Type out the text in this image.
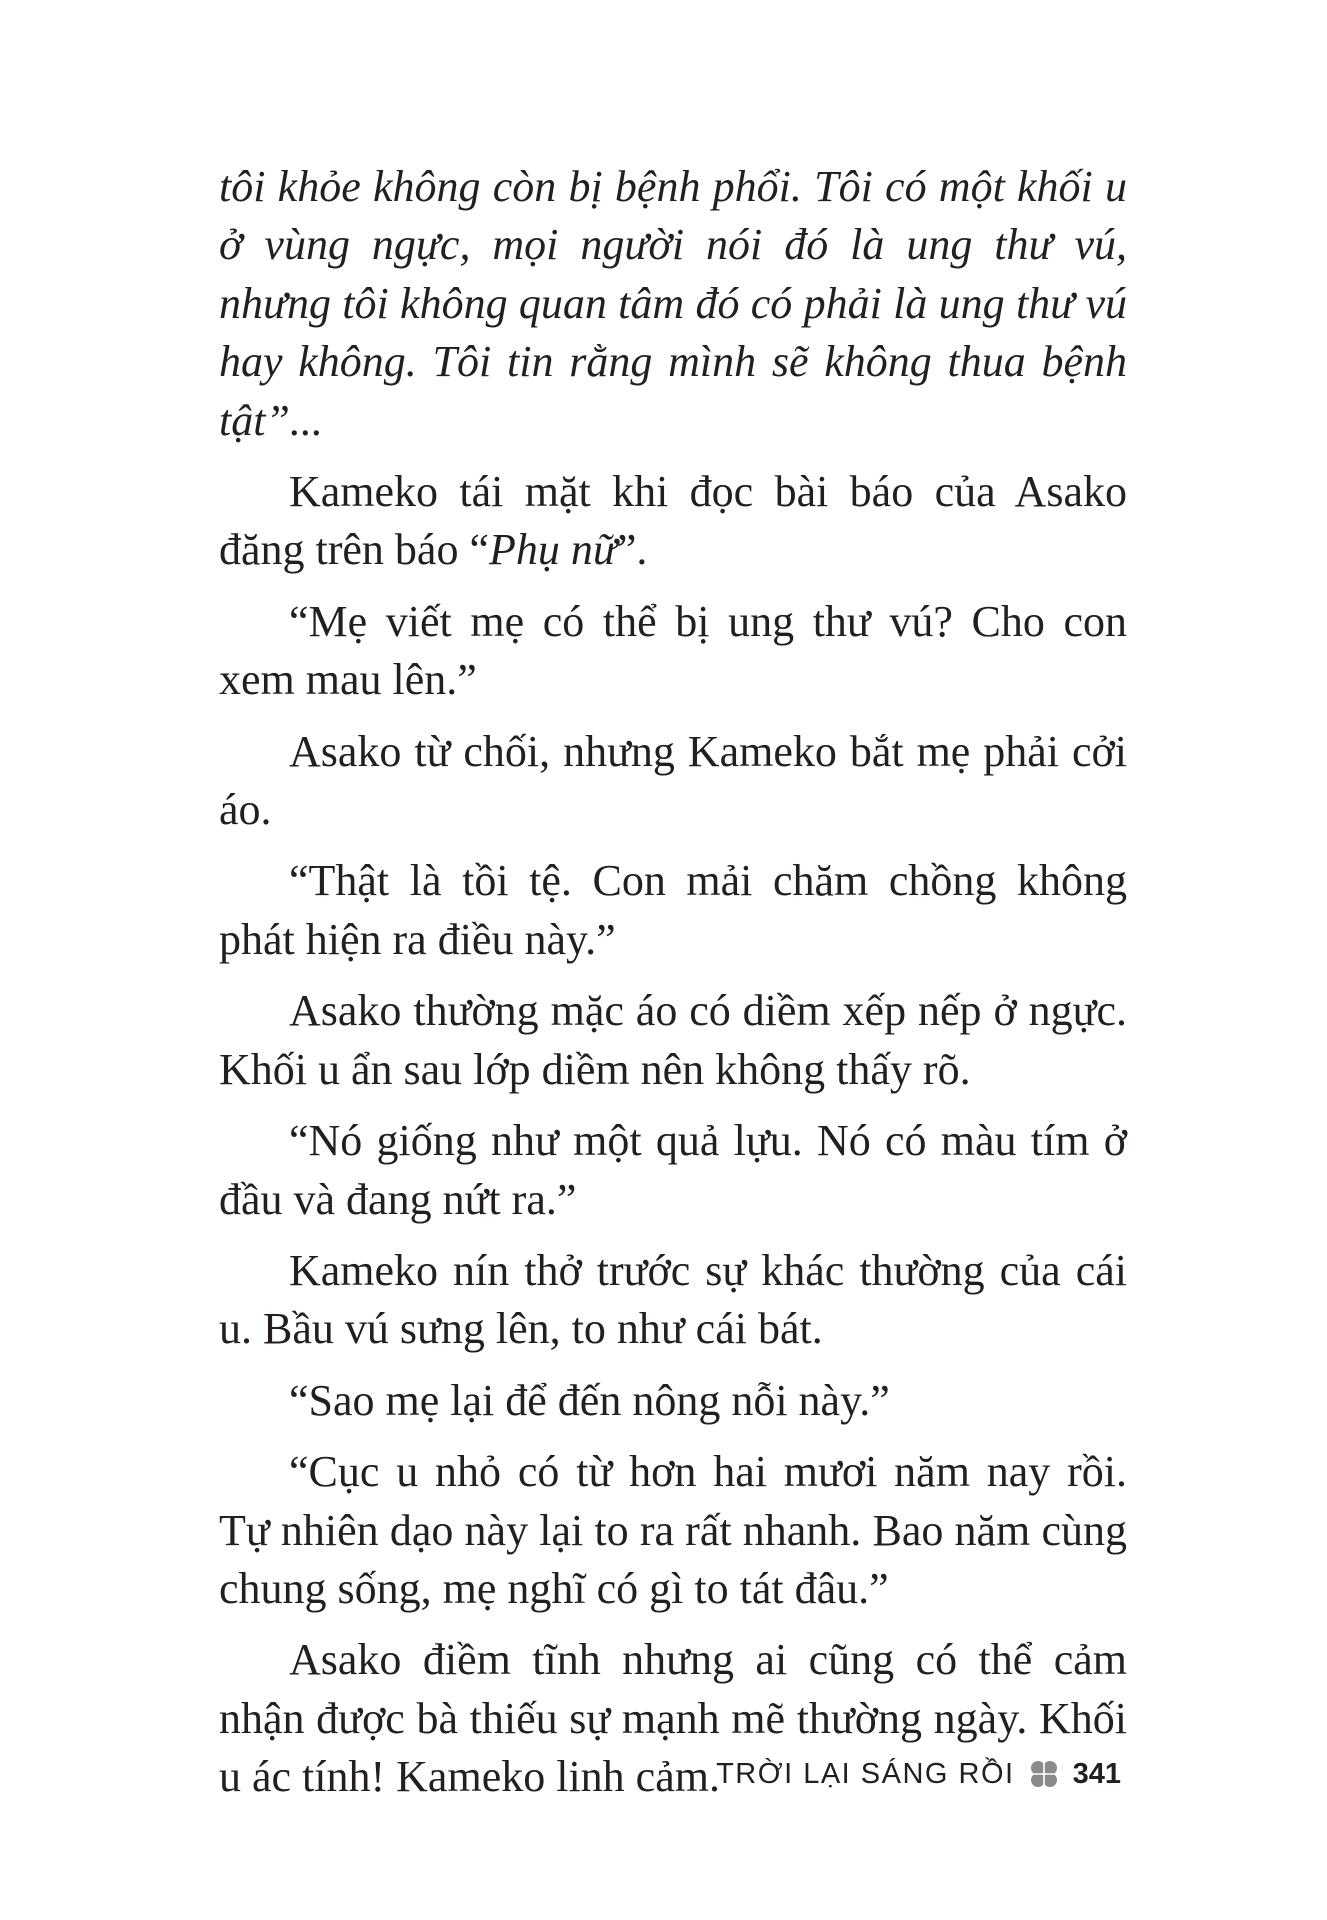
tôi khỏe không còn bị bệnh phổi. Tôi có một khối u ở vùng ngực, mọi người nói đó là ung thư vú, nhưng tôi không quan tâm đó có phải là ung thư vú hay không. Tôi tin rằng mình sẽ không thua bệnh tật”...

Kameko tái mặt khi đọc bài báo của Asako đăng trên báo “Phụ nữ”.

“Mẹ viết mẹ có thể bị ung thư vú? Cho con xem mau lên.”

Asako từ chối, nhưng Kameko bắt mẹ phải cởi áo.

“Thật là tồi tệ. Con mải chăm chồng không phát hiện ra điều này.”

Asako thường mặc áo có diềm xếp nếp ở ngực. Khối u ẩn sau lớp diềm nên không thấy rõ.

“Nó giống như một quả lựu. Nó có màu tím ở đầu và đang nứt ra.”

Kameko nín thở trước sự khác thường của cái u. Bầu vú sưng lên, to như cái bát.

“Sao mẹ lại để đến nông nỗi này.”

“Cục u nhỏ có từ hơn hai mươi năm nay rồi. Tự nhiên dạo này lại to ra rất nhanh. Bao năm cùng chung sống, mẹ nghĩ có gì to tát đâu.”

Asako điềm tĩnh nhưng ai cũng có thể cảm nhận được bà thiếu sự mạnh mẽ thường ngày. Khối u ác tính! Kameko linh cảm.

TRỜI LẠI SÁNG RỒI 341
